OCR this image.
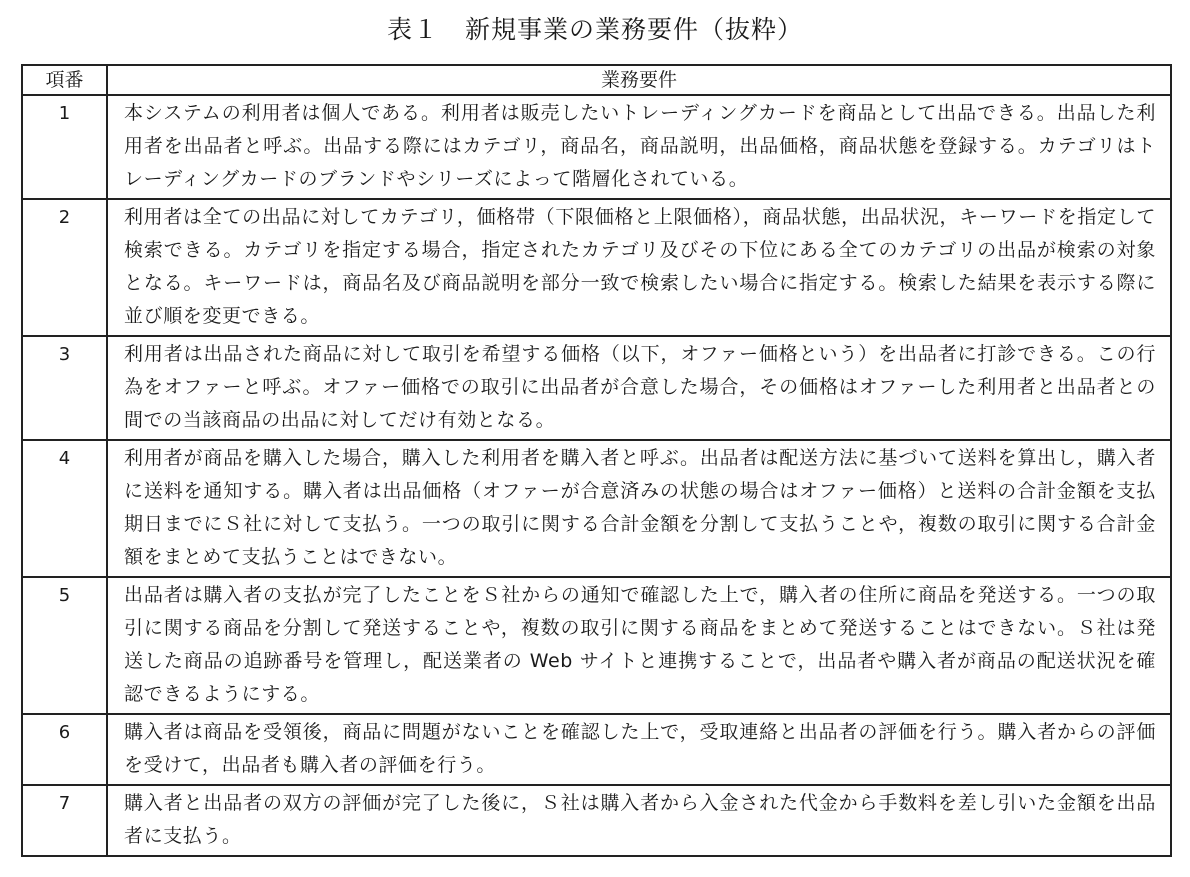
表１　新規事業の業務要件（抜粋）
項番	業務要件
1	本システムの利用者は個人である。利用者は販売したいトレーディングカードを商品として出品できる。出品した利用者を出品者と呼ぶ。出品する際にはカテゴリ，商品名，商品説明，出品価格，商品状態を登録する。カテゴリはトレーディングカードのブランドやシリーズによって階層化されている。
2	利用者は全ての出品に対してカテゴリ，価格帯（下限価格と上限価格），商品状態，出品状況，キーワードを指定して検索できる。カテゴリを指定する場合，指定されたカテゴリ及びその下位にある全てのカテゴリの出品が検索の対象となる。キーワードは，商品名及び商品説明を部分一致で検索したい場合に指定する。検索した結果を表示する際に並び順を変更できる。
3	利用者は出品された商品に対して取引を希望する価格（以下，オファー価格という）を出品者に打診できる。この行為をオファーと呼ぶ。オファー価格での取引に出品者が合意した場合，その価格はオファーした利用者と出品者との間での当該商品の出品に対してだけ有効となる。
4	利用者が商品を購入した場合，購入した利用者を購入者と呼ぶ。出品者は配送方法に基づいて送料を算出し，購入者に送料を通知する。購入者は出品価格（オファーが合意済みの状態の場合はオファー価格）と送料の合計金額を支払期日までにＳ社に対して支払う。一つの取引に関する合計金額を分割して支払うことや，複数の取引に関する合計金額をまとめて支払うことはできない。
5	出品者は購入者の支払が完了したことをＳ社からの通知で確認した上で，購入者の住所に商品を発送する。一つの取引に関する商品を分割して発送することや，複数の取引に関する商品をまとめて発送することはできない。Ｓ社は発送した商品の追跡番号を管理し，配送業者の Web サイトと連携することで，出品者や購入者が商品の配送状況を確認できるようにする。
6	購入者は商品を受領後，商品に問題がないことを確認した上で，受取連絡と出品者の評価を行う。購入者からの評価を受けて，出品者も購入者の評価を行う。
7	購入者と出品者の双方の評価が完了した後に，Ｓ社は購入者から入金された代金から手数料を差し引いた金額を出品者に支払う。
